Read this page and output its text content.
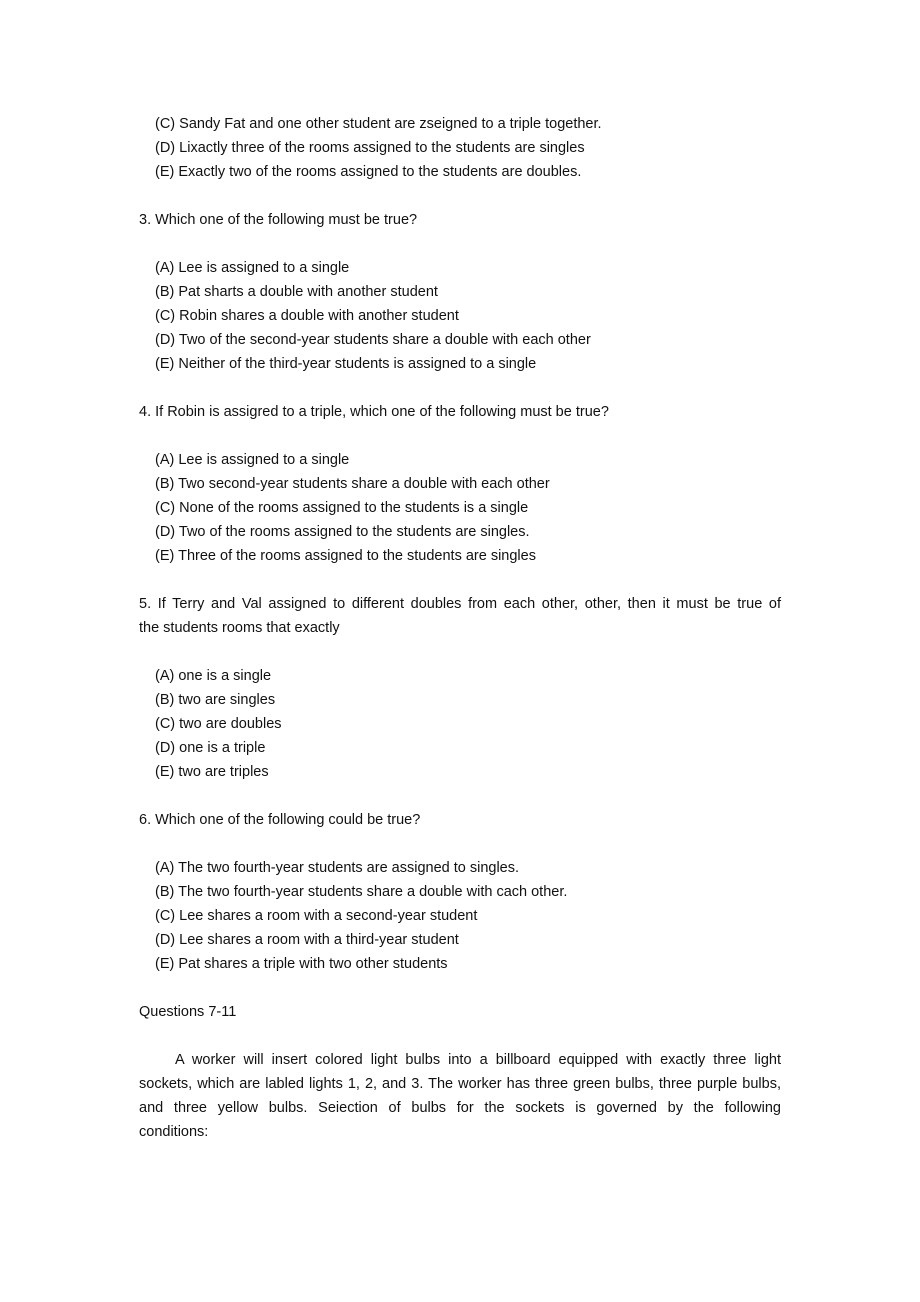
(C) Sandy Fat and one other student are zseigned to a triple together.
(D) Lixactly three of the rooms assigned to the students are singles
(E) Exactly two of the rooms assigned to the students are doubles.
3. Which one of the following must be true?
(A) Lee is assigned to a single
(B) Pat sharts a double with another student
(C) Robin shares a double with another student
(D) Two of the second-year students share a double with each other
(E) Neither of the third-year students is assigned to a single
4. If Robin is assigred to a triple, which one of the following must be true?
(A) Lee is assigned to a single
(B) Two second-year students share a double with each other
(C) None of the rooms assigned to the students is a single
(D) Two of the rooms assigned to the students are singles.
(E) Three of the rooms assigned to the students are singles
5. If Terry and Val assigned to different doubles from each other, other, then it must be true of
the students rooms that exactly
(A) one is a single
(B) two are singles
(C) two are doubles
(D) one is a triple
(E) two are triples
6. Which one of the following could be true?
(A) The two fourth-year students are assigned to singles.
(B) The two fourth-year students share a double with cach other.
(C) Lee shares a room with a second-year student
(D) Lee shares a room with a third-year student
(E) Pat shares a triple with two other students
Questions 7-11
A worker will insert colored light bulbs into a billboard equipped with exactly three light
sockets, which are labled lights 1, 2, and 3. The worker has three green bulbs, three purple bulbs,
and three yellow bulbs. Seiection of bulbs for the sockets is governed by the following
conditions:
